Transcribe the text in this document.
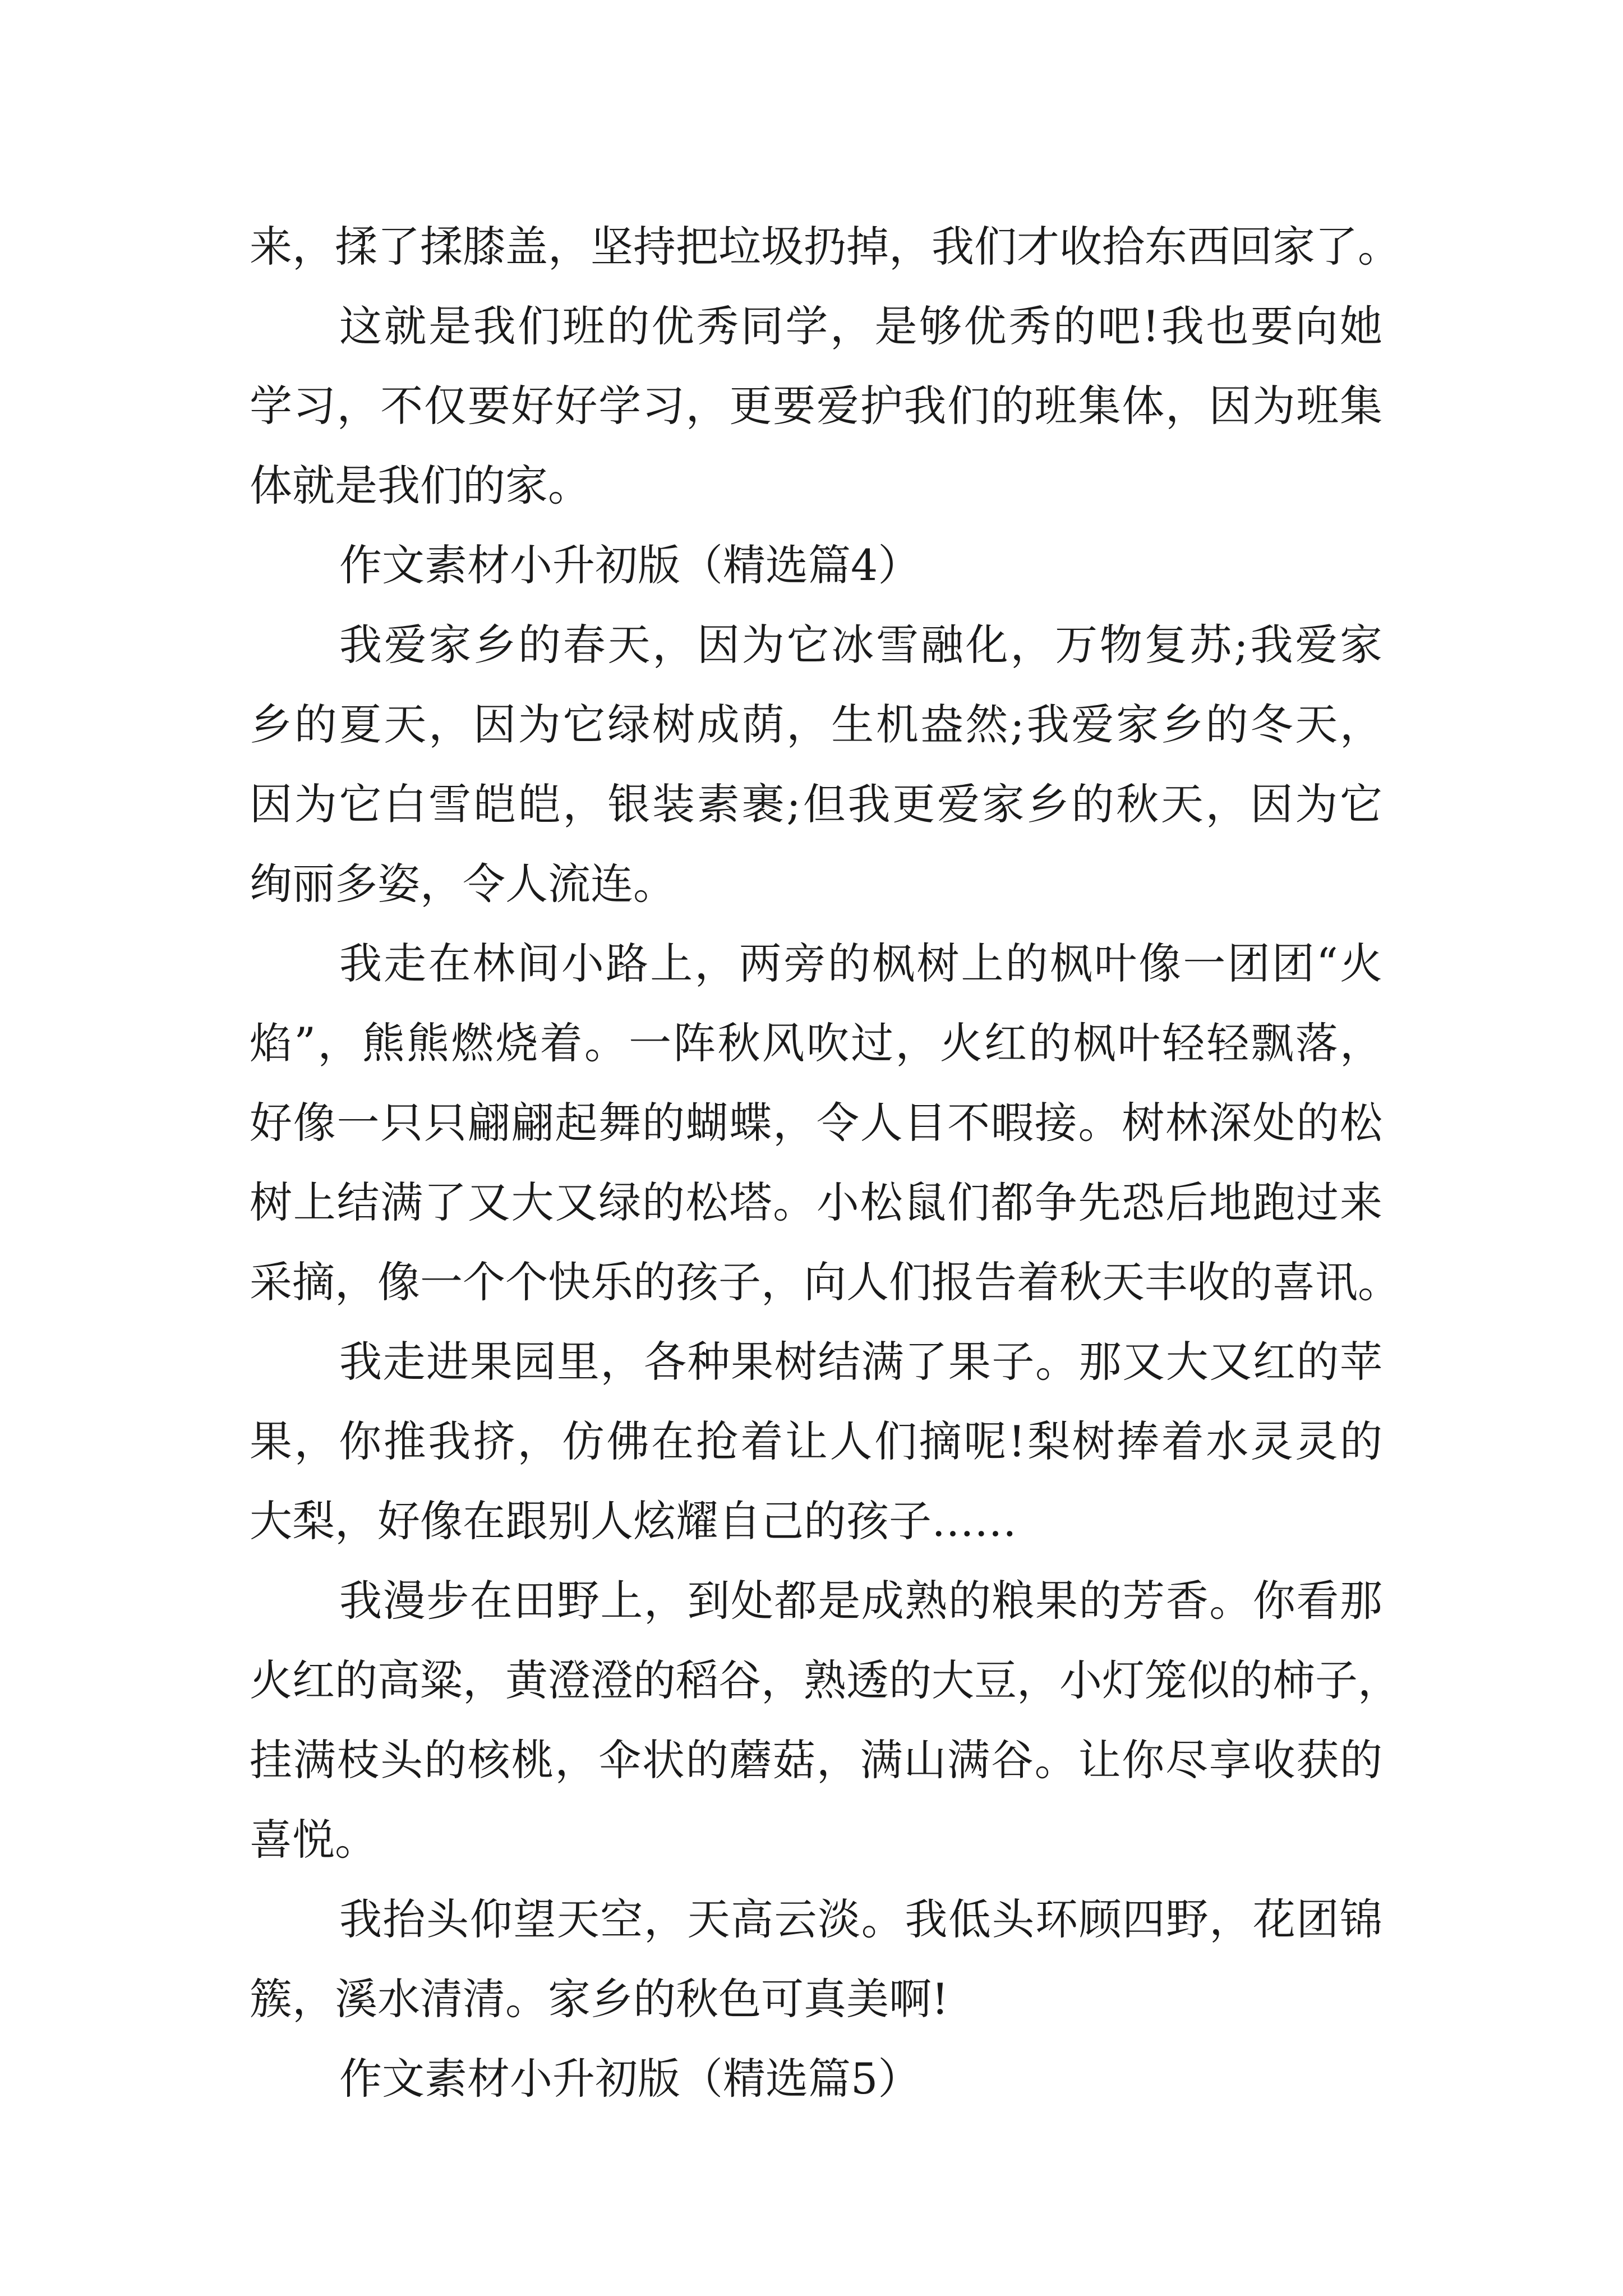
来，揉了揉膝盖，坚持把垃圾扔掉，我们才收拾东西回家了。
这就是我们班的优秀同学，是够优秀的吧!我也要向她
学习，不仅要好好学习，更要爱护我们的班集体，因为班集
体就是我们的家。
作文素材小升初版（精选篇4）
我爱家乡的春天，因为它冰雪融化，万物复苏;我爱家
乡的夏天，因为它绿树成荫，生机盎然;我爱家乡的冬天，
因为它白雪皑皑，银装素裹;但我更爱家乡的秋天，因为它
绚丽多姿，令人流连。
我走在林间小路上，两旁的枫树上的枫叶像一团团“火
焰”，熊熊燃烧着。一阵秋风吹过，火红的枫叶轻轻飘落，
好像一只只翩翩起舞的蝴蝶，令人目不暇接。树林深处的松
树上结满了又大又绿的松塔。小松鼠们都争先恐后地跑过来
采摘，像一个个快乐的孩子，向人们报告着秋天丰收的喜讯。
我走进果园里，各种果树结满了果子。那又大又红的苹
果，你推我挤，仿佛在抢着让人们摘呢!梨树捧着水灵灵的
大梨，好像在跟别人炫耀自己的孩子……
我漫步在田野上，到处都是成熟的粮果的芳香。你看那
火红的高粱，黄澄澄的稻谷，熟透的大豆，小灯笼似的柿子，
挂满枝头的核桃，伞状的蘑菇，满山满谷。让你尽享收获的
喜悦。
我抬头仰望天空，天高云淡。我低头环顾四野，花团锦
簇，溪水清清。家乡的秋色可真美啊!
作文素材小升初版（精选篇5）
